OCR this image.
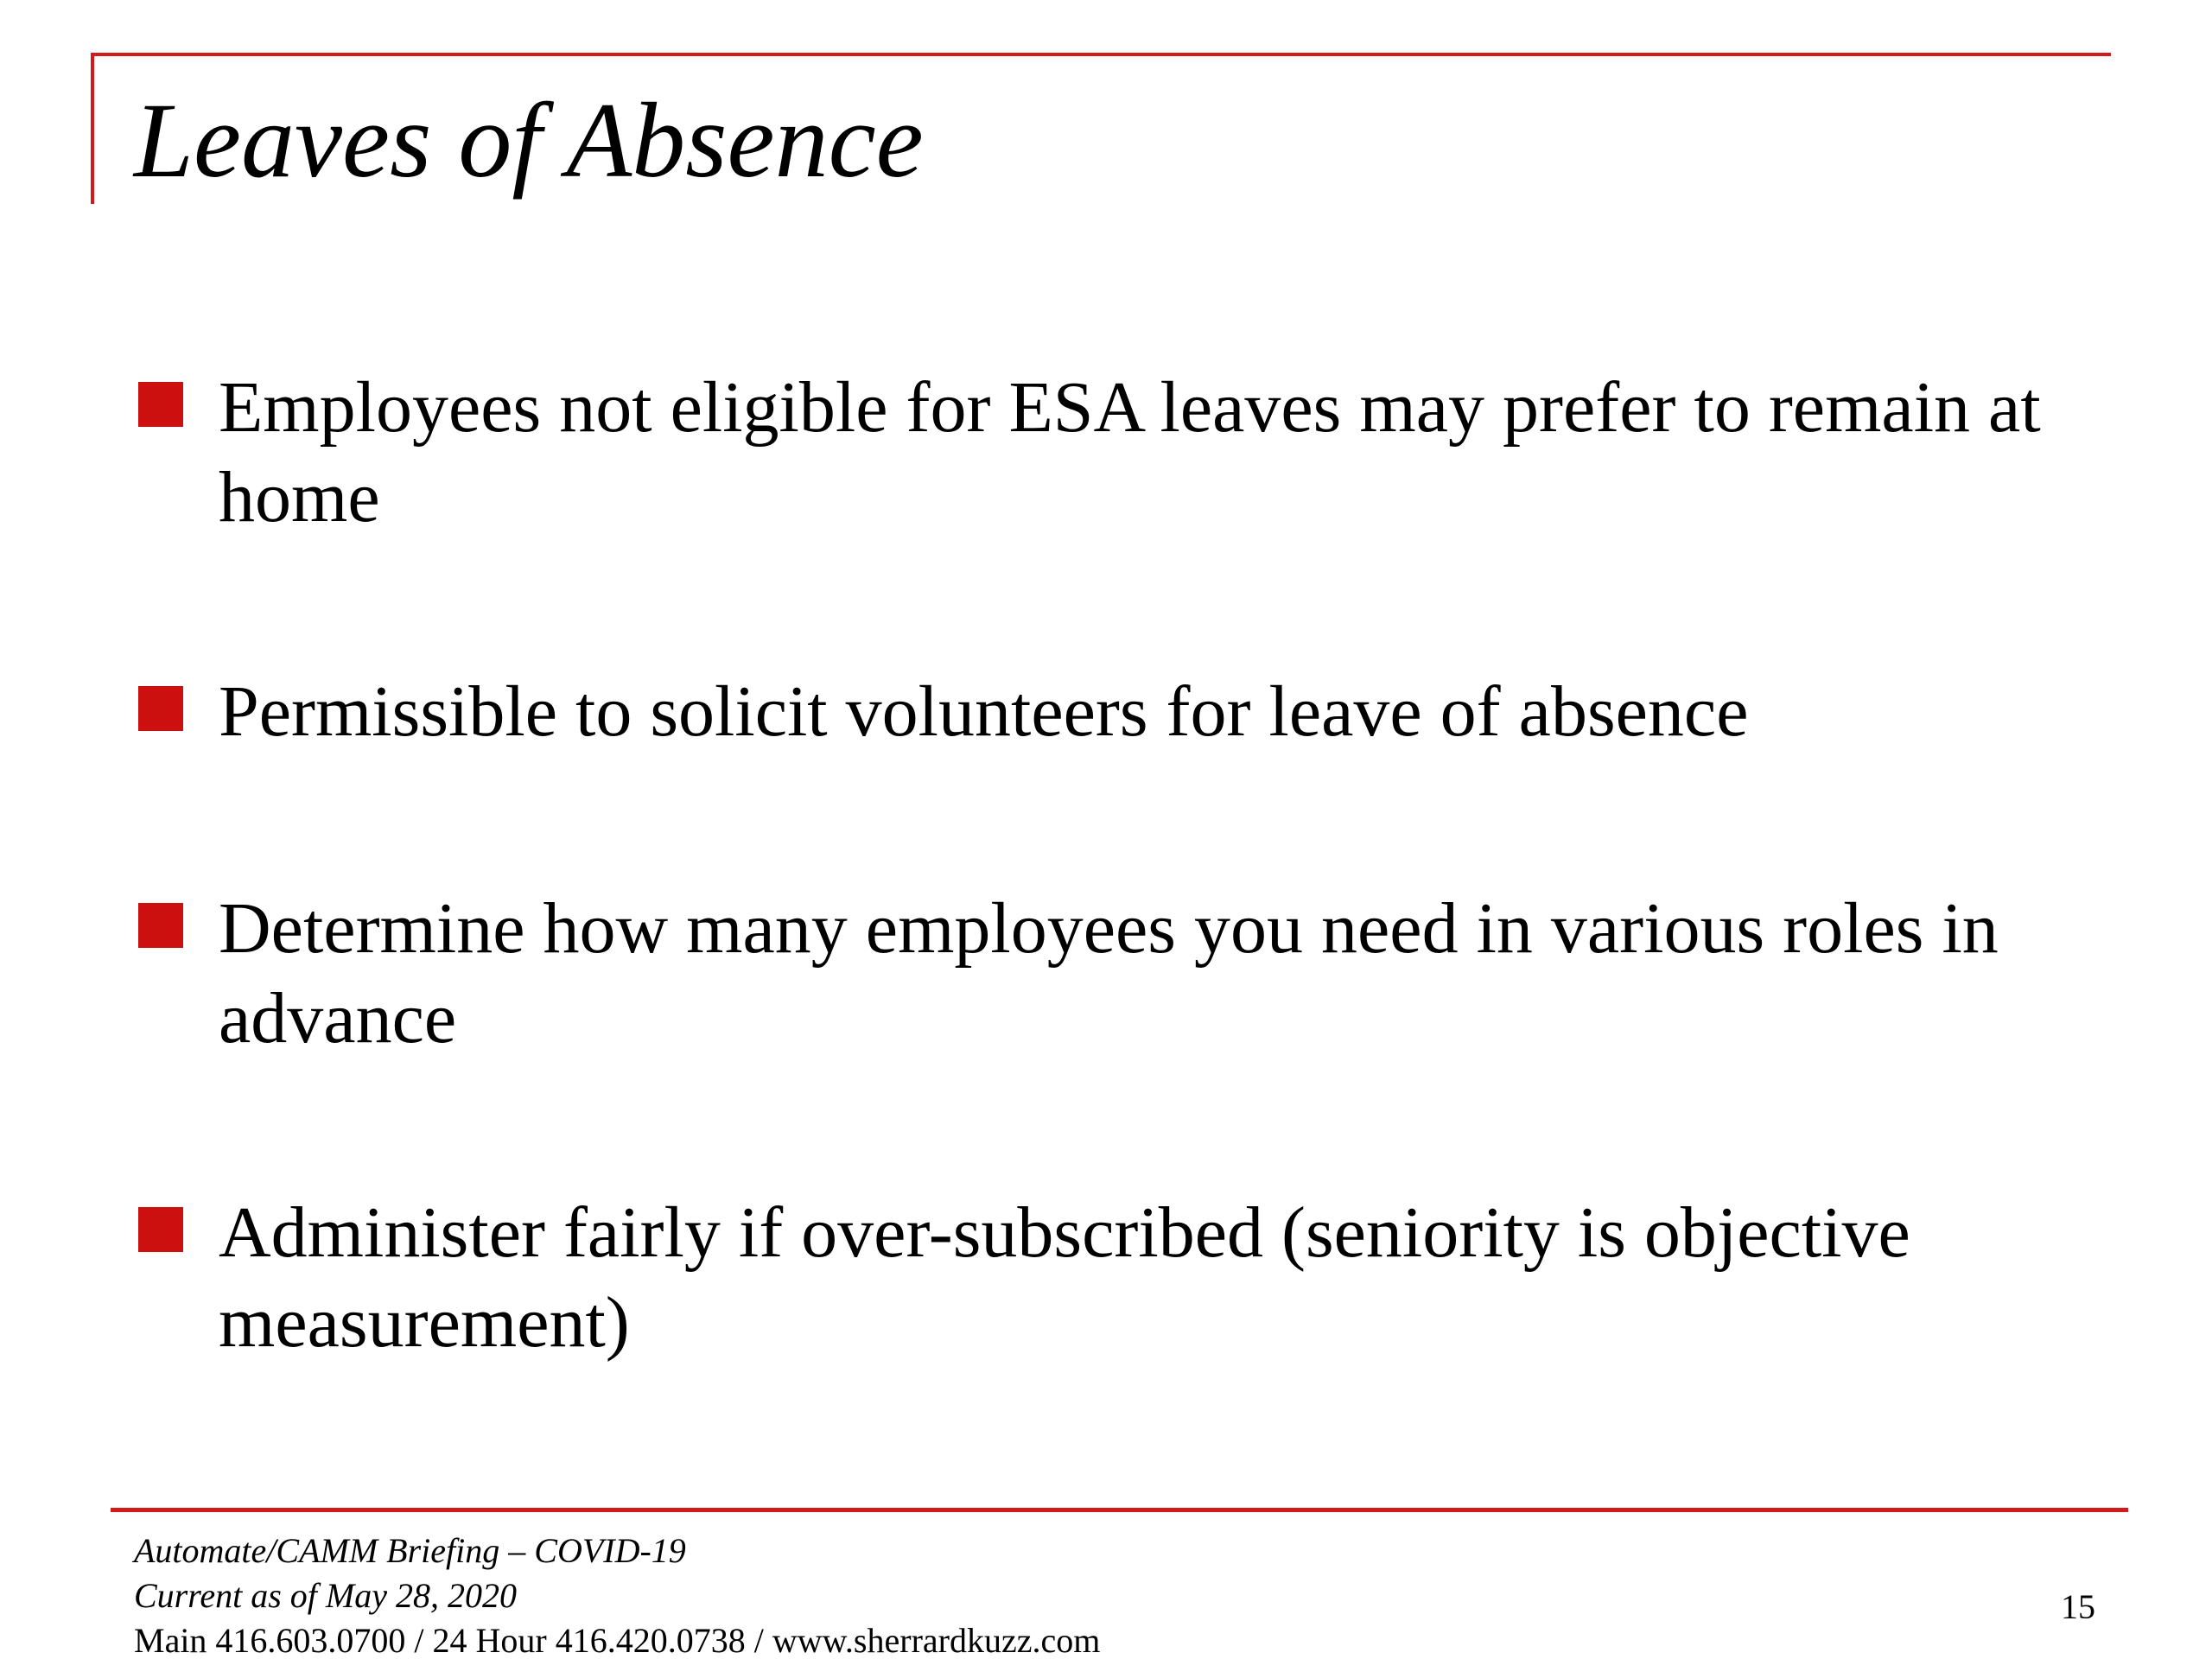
Leaves of Absence
Employees not eligible for ESA leaves may prefer to remain at home
Permissible to solicit volunteers for leave of absence
Determine how many employees you need in various roles in advance
Administer fairly if over-subscribed (seniority is objective measurement)
Automate/CAMM Briefing – COVID-19
Current as of May 28, 2020
Main 416.603.0700 / 24 Hour 416.420.0738 / www.sherrardkuzz.com
15
